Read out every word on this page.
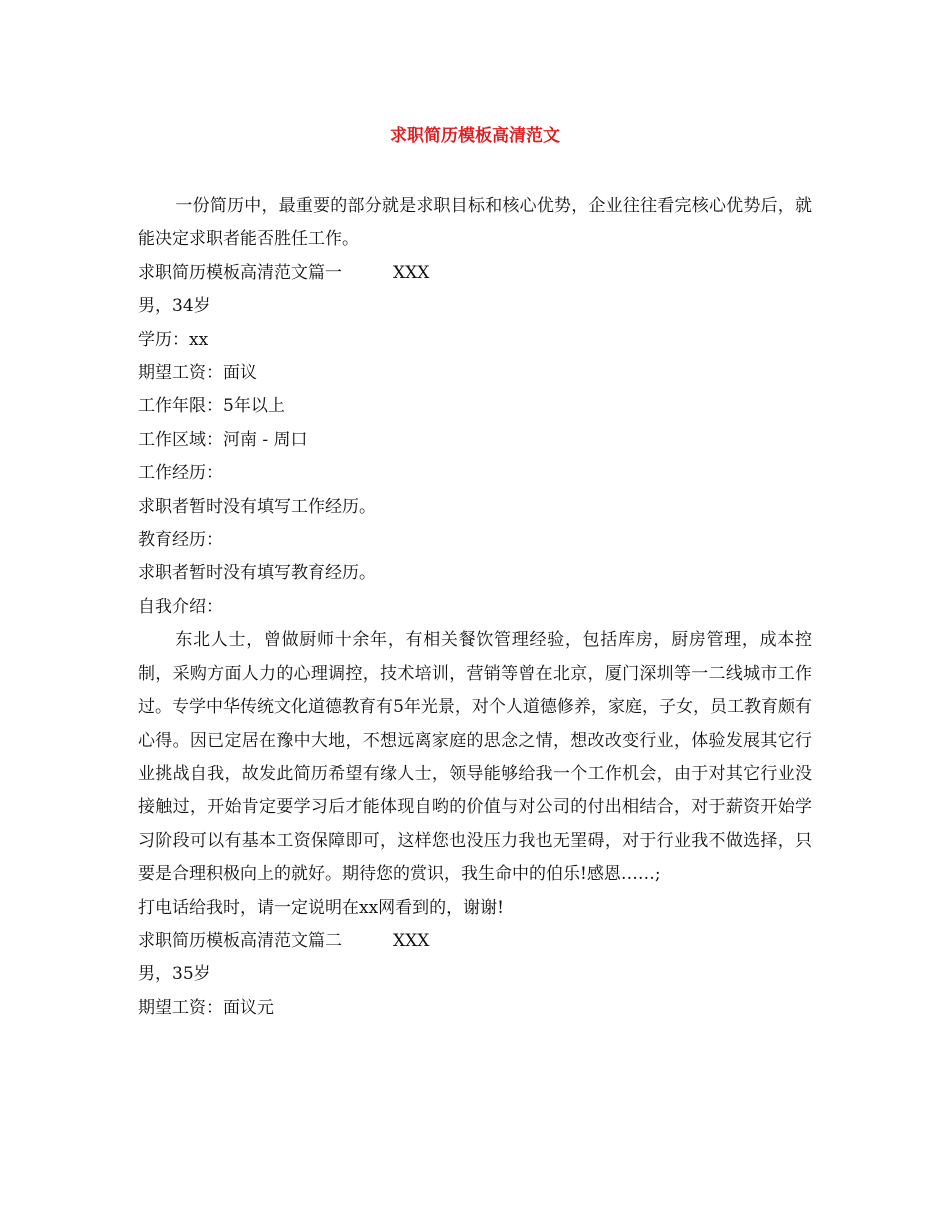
求职简历模板高清范文

一份简历中，最重要的部分就是求职目标和核心优势，企业往往看完核心优势后，就能决定求职者能否胜任工作。

求职简历模板高清范文篇一　　　XXX

男，34岁

学历：xx

期望工资：面议

工作年限：5年以上

工作区域：河南 - 周口

工作经历：

求职者暂时没有填写工作经历。

教育经历：

求职者暂时没有填写教育经历。

自我介绍：

东北人士，曾做厨师十余年，有相关餐饮管理经验，包括库房，厨房管理，成本控制，采购方面人力的心理调控，技术培训，营销等曾在北京，厦门深圳等一二线城市工作过。专学中华传统文化道德教育有5年光景，对个人道德修养，家庭，子女，员工教育颇有心得。因已定居在豫中大地，不想远离家庭的思念之情，想改改变行业，体验发展其它行业挑战自我，故发此简历希望有缘人士，领导能够给我一个工作机会，由于对其它行业没接触过，开始肯定要学习后才能体现自哟的价值与对公司的付出相结合，对于薪资开始学习阶段可以有基本工资保障即可，这样您也没压力我也无罣碍，对于行业我不做选择，只要是合理积极向上的就好。期待您的赏识，我生命中的伯乐!感恩……;

打电话给我时，请一定说明在xx网看到的，谢谢!

求职简历模板高清范文篇二　　　XXX

男，35岁

期望工资：面议元
